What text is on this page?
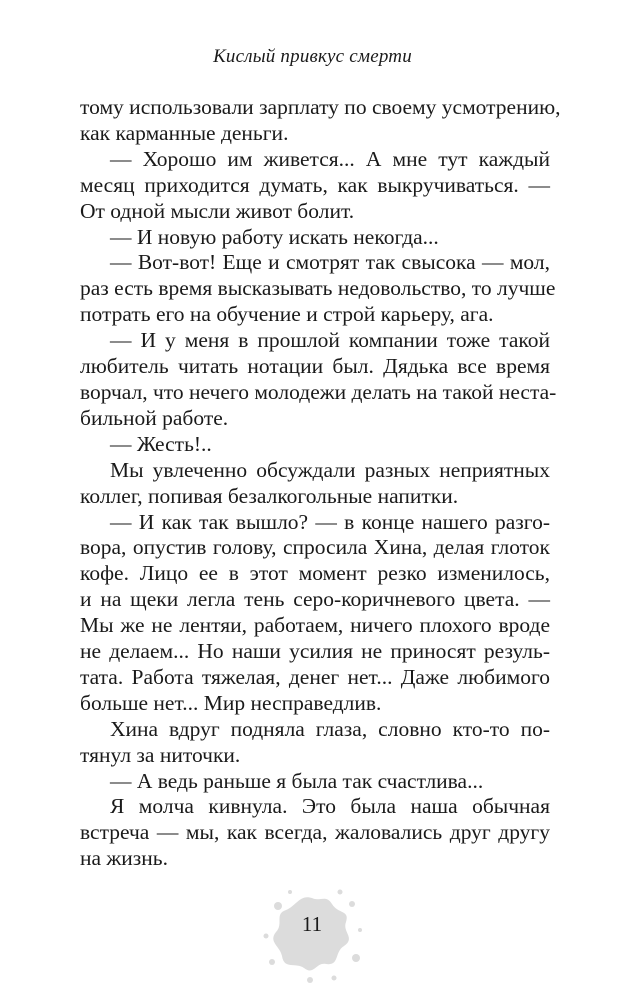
Кислый привкус смерти
тому использовали зарплату по своему усмотрению,
как карманные деньги.
— Хорошо им живется... А мне тут каждый
месяц приходится думать, как выкручиваться. —
От одной мысли живот болит.
— И новую работу искать некогда...
— Вот-вот! Еще и смотрят так свысока — мол,
раз есть время высказывать недовольство, то лучше
потрать его на обучение и строй карьеру, ага.
— И у меня в прошлой компании тоже такой
любитель читать нотации был. Дядька все время
ворчал, что нечего молодежи делать на такой неста-
бильной работе.
— Жесть!..
Мы увлеченно обсуждали разных неприятных
коллег, попивая безалкогольные напитки.
— И как так вышло? — в конце нашего разго-
вора, опустив голову, спросила Хина, делая глоток
кофе. Лицо ее в этот момент резко изменилось,
и на щеки легла тень серо-коричневого цвета. —
Мы же не лентяи, работаем, ничего плохого вроде
не делаем... Но наши усилия не приносят резуль-
тата. Работа тяжелая, денег нет... Даже любимого
больше нет... Мир несправедлив.
Хина вдруг подняла глаза, словно кто-то по-
тянул за ниточки.
— А ведь раньше я была так счастлива...
Я молча кивнула. Это была наша обычная
встреча — мы, как всегда, жаловались друг другу
на жизнь.
11
